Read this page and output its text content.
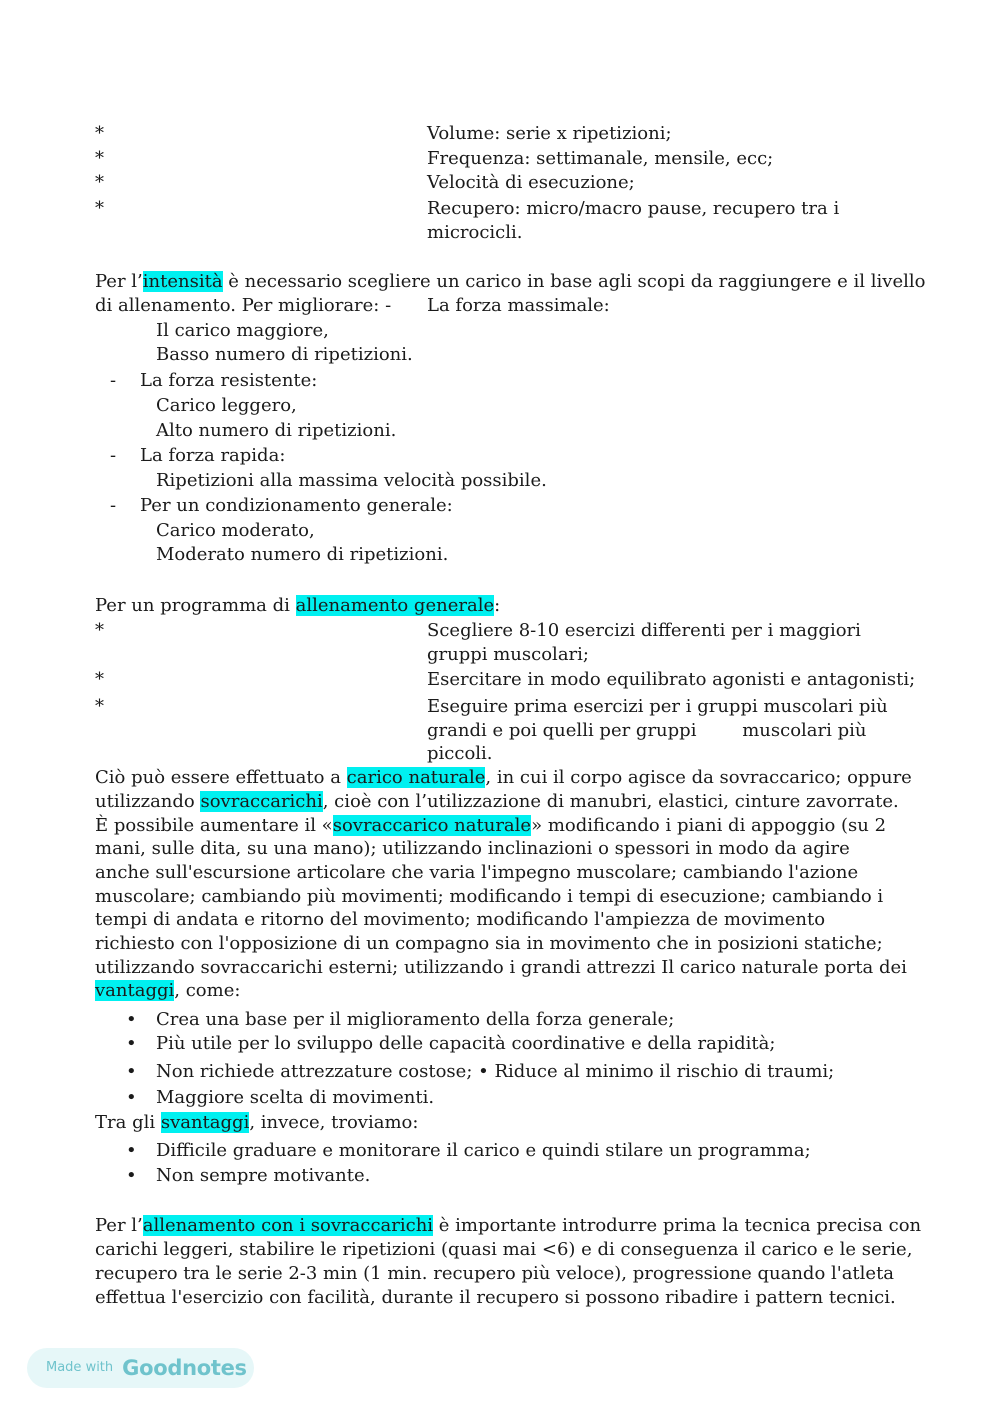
*	Volume: serie x ripetizioni;
*	Frequenza: settimanale, mensile, ecc;
*	Velocità di esecuzione;
*	Recupero: micro/macro pause, recupero tra i
microcicli.
Per l’intensità è necessario scegliere un carico in base agli scopi da raggiungere e il livello
di allenamento. Per migliorare: - La forza massimale:
Il carico maggiore,
Basso numero di ripetizioni.
- La forza resistente:
Carico leggero,
Alto numero di ripetizioni.
- La forza rapida:
Ripetizioni alla massima velocità possibile.
- Per un condizionamento generale:
Carico moderato,
Moderato numero di ripetizioni.
Per un programma di allenamento generale:
*	Scegliere 8-10 esercizi differenti per i maggiori
gruppi muscolari;
*	Esercitare in modo equilibrato agonisti e antagonisti;
*	Eseguire prima esercizi per i gruppi muscolari più
grandi e poi quelli per gruppi        muscolari più
piccoli.
Ciò può essere effettuato a carico naturale, in cui il corpo agisce da sovraccarico; oppure
utilizzando sovraccarichi, cioè con l’utilizzazione di manubri, elastici, cinture zavorrate.
È possibile aumentare il «sovraccarico naturale» modificando i piani di appoggio (su 2
mani, sulle dita, su una mano); utilizzando inclinazioni o spessori in modo da agire
anche sull'escursione articolare che varia l'impegno muscolare; cambiando l'azione
muscolare; cambiando più movimenti; modificando i tempi di esecuzione; cambiando i
tempi di andata e ritorno del movimento; modificando l'ampiezza de movimento
richiesto con l'opposizione di un compagno sia in movimento che in posizioni statiche;
utilizzando sovraccarichi esterni; utilizzando i grandi attrezzi Il carico naturale porta dei
vantaggi, come:
• Crea una base per il miglioramento della forza generale;
• Più utile per lo sviluppo delle capacità coordinative e della rapidità;
• Non richiede attrezzature costose; • Riduce al minimo il rischio di traumi;
• Maggiore scelta di movimenti.
Tra gli svantaggi, invece, troviamo:
• Difficile graduare e monitorare il carico e quindi stilare un programma;
• Non sempre motivante.
Per l’allenamento con i sovraccarichi è importante introdurre prima la tecnica precisa con
carichi leggeri, stabilire le ripetizioni (quasi mai <6) e di conseguenza il carico e le serie,
recupero tra le serie 2-3 min (1 min. recupero più veloce), progressione quando l'atleta
effettua l'esercizio con facilità, durante il recupero si possono ribadire i pattern tecnici.
Made with Goodnotes
